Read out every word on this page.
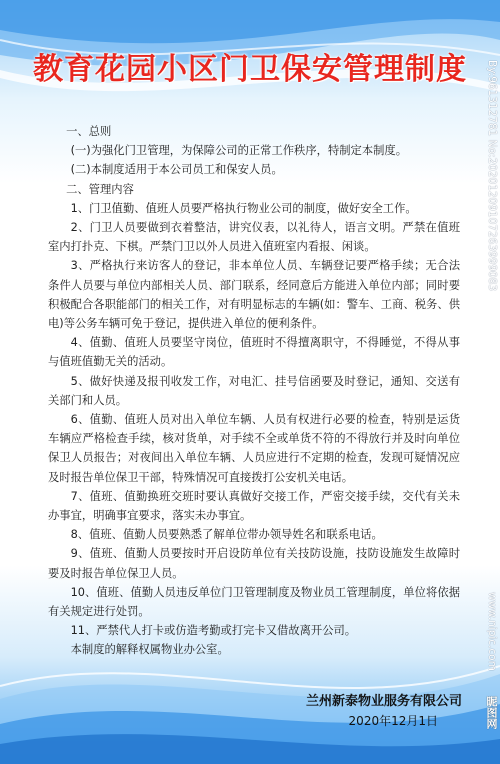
教育花园小区门卫保安管理制度

一、总则

(一)为强化门卫管理，为保障公司的正常工作秩序，特制定本制度。

(二)本制度适用于本公司员工和保安人员。

二、管理内容

1、门卫值勤、值班人员要严格执行物业公司的制度，做好安全工作。

2、门卫人员要做到衣着整洁，讲究仪表，以礼待人，语言文明。严禁在值班室内打扑克、下棋。严禁门卫以外人员进入值班室内看报、闲谈。

3、严格执行来访客人的登记，非本单位人员、车辆登记要严格手续；无合法条件人员要与单位内部相关人员、部门联系，经同意后方能进入单位内部；同时要积极配合各职能部门的相关工作，对有明显标志的车辆(如：警车、工商、税务、供电)等公务车辆可免于登记，提供进入单位的便利条件。

4、值勤、值班人员要坚守岗位，值班时不得擅离职守，不得睡觉，不得从事与值班值勤无关的活动。

5、做好快递及报刊收发工作，对电汇、挂号信函要及时登记，通知、交送有关部门和人员。

6、值勤、值班人员对出入单位车辆、人员有权进行必要的检查，特别是运货车辆应严格检查手续，核对货单，对手续不全或单货不符的不得放行并及时向单位保卫人员报告；对夜间出入单位车辆、人员应进行不定期的检查，发现可疑情况应及时报告单位保卫干部，特殊情况可直接拨打公安机关电话。

7、值班、值勤换班交班时要认真做好交接工作，严密交接手续，交代有关未办事宜，明确事宜要求，落实未办事宜。

8、值班、值勤人员要熟悉了解单位带办领导姓名和联系电话。

9、值班、值勤人员要按时开启设防单位有关技防设施，技防设施发生故障时要及时报告单位保卫人员。

10、值班、值勤人员违反单位门卫管理制度及物业员工管理制度，单位将依据有关规定进行处罚。

11、严禁代人打卡或仿造考勤或打完卡又借故离开公司。

本制度的解释权属物业办公室。

兰州新泰物业服务有限公司
2020年12月1日
By:961312781 No:20201209107263999083
www.nipic.com
昵图网
